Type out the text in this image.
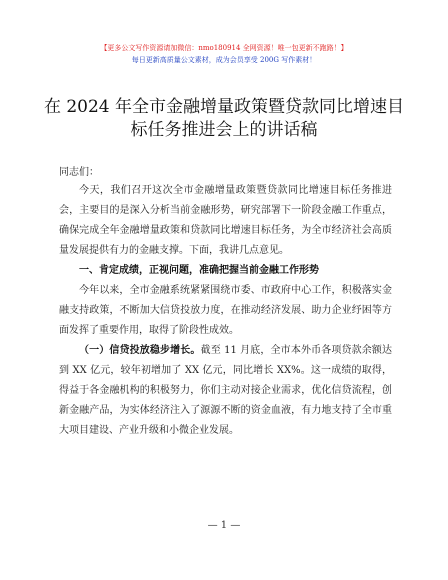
【更多公文写作资源请加微信：nmo180914 全网资源！唯一包更新不跑路！】
每日更新高质量公文素材，成为会员享受 200G 写作素材！
在 2024 年全市金融增量政策暨贷款同比增速目
标任务推进会上的讲话稿
同志们：

今天，我们召开这次全市金融增量政策暨贷款同比增速目标任务推进会，主要目的是深入分析当前金融形势，研究部署下一阶段金融工作重点，确保完成全年金融增量政策和贷款同比增速目标任务，为全市经济社会高质量发展提供有力的金融支撑。下面，我讲几点意见。

一、肯定成绩，正视问题，准确把握当前金融工作形势

今年以来，全市金融系统紧紧围绕市委、市政府中心工作，积极落实金融支持政策，不断加大信贷投放力度，在推动经济发展、助力企业纾困等方面发挥了重要作用，取得了阶段性成效。

（一）信贷投放稳步增长。截至 11 月底，全市本外币各项贷款余额达到 XX 亿元，较年初增加了 XX 亿元，同比增长 XX%。这一成绩的取得，得益于各金融机构的积极努力，你们主动对接企业需求，优化信贷流程，创新金融产品，为实体经济注入了源源不断的资金血液，有力地支持了全市重大项目建设、产业升级和小微企业发展。

— 1 —
